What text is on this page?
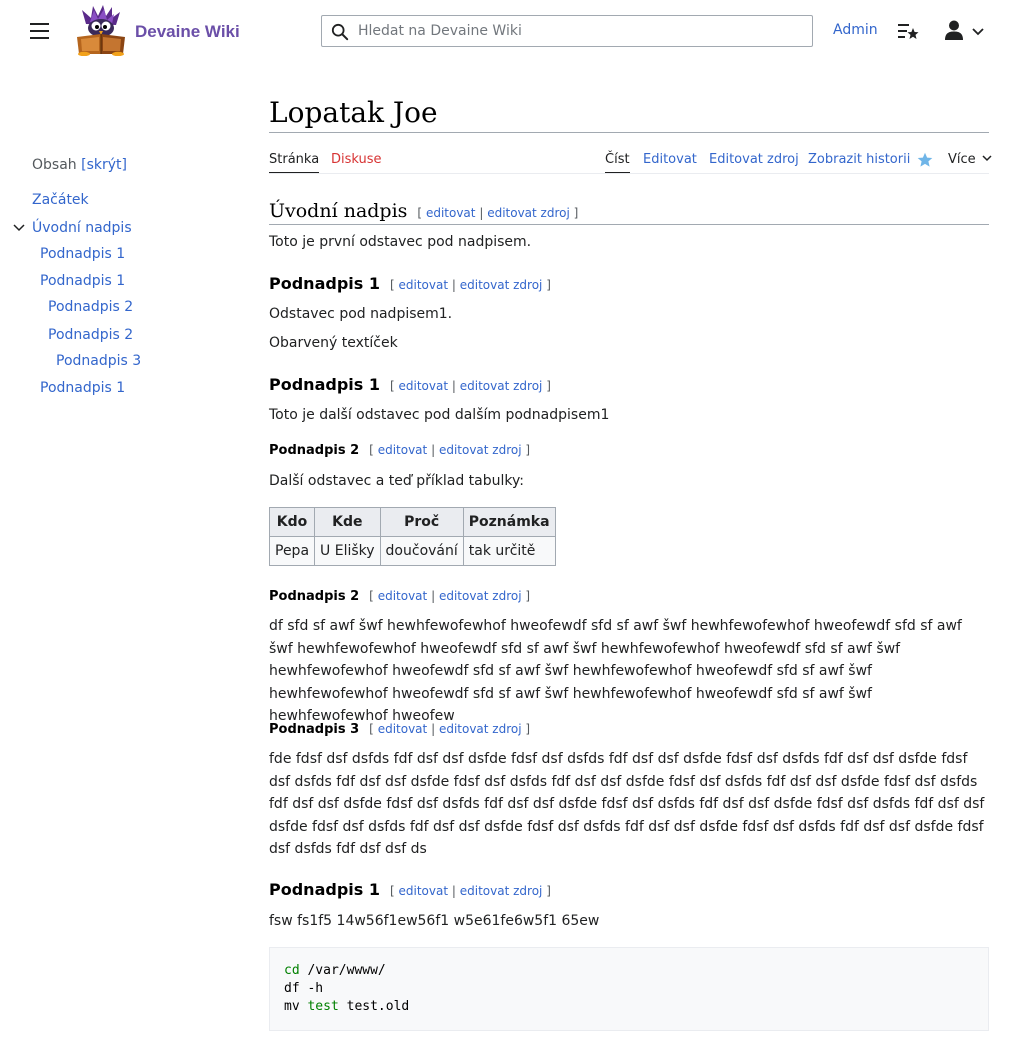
Devaine Wiki
Hledat na Devaine Wiki	Admin
Obsah [skrýt]
Začátek
Úvodní nadpis
Podnadpis 1
Podnadpis 1
Podnadpis 2
Podnadpis 2
Podnadpis 3
Podnadpis 1
Lopatak Joe
Stránka Diskuse	Číst Editovat Editovat zdroj Zobrazit historii	Více
Úvodní nadpis [ editovat | editovat zdroj ]
Toto je první odstavec pod nadpisem.
Podnadpis 1 [ editovat | editovat zdroj ]
Odstavec pod nadpisem1.
Obarvený textíček
Podnadpis 1 [ editovat | editovat zdroj ]
Toto je další odstavec pod dalším podnadpisem1
Podnadpis 2 [ editovat | editovat zdroj ]
Další odstavec a teď příklad tabulky:
Kdo	Kde	Proč	Poznámka
Pepa	U Elišky	doučování	tak určitě
Podnadpis 2 [ editovat | editovat zdroj ]
df sfd sf awf šwf hewhfewofewhof hweofewdf sfd sf awf šwf hewhfewofewhof hweofewdf sfd sf awf šwf hewhfewofewhof hweofewdf sfd sf awf šwf hewhfewofewhof hweofewdf sfd sf awf šwf hewhfewofewhof hweofewdf sfd sf awf šwf hewhfewofewhof hweofewdf sfd sf awf šwf hewhfewofewhof hweofewdf sfd sf awf šwf hewhfewofewhof hweofewdf sfd sf awf šwf hewhfewofewhof hweofew
Podnadpis 3 [ editovat | editovat zdroj ]
fde fdsf dsf dsfds fdf dsf dsf dsfde fdsf dsf dsfds fdf dsf dsf dsfde fdsf dsf dsfds fdf dsf dsf dsfde fdsf dsf dsfds fdf dsf dsf dsfde fdsf dsf dsfds fdf dsf dsf dsfde fdsf dsf dsfds fdf dsf dsf dsfde fdsf dsf dsfds fdf dsf dsf dsfde fdsf dsf dsfds fdf dsf dsf dsfde fdsf dsf dsfds fdf dsf dsf dsfde fdsf dsf dsfds fdf dsf dsf dsfde fdsf dsf dsfds fdf dsf dsf dsfde fdsf dsf dsfds fdf dsf dsf dsfde fdsf dsf dsfds fdf dsf dsf dsfde fdsf dsf dsfds fdf dsf dsf ds
Podnadpis 1 [ editovat | editovat zdroj ]
fsw fs1f5 14w56f1ew56f1 w5e61fe6w5f1 65ew
cd /var/wwww/
df -h
mv test test.old
